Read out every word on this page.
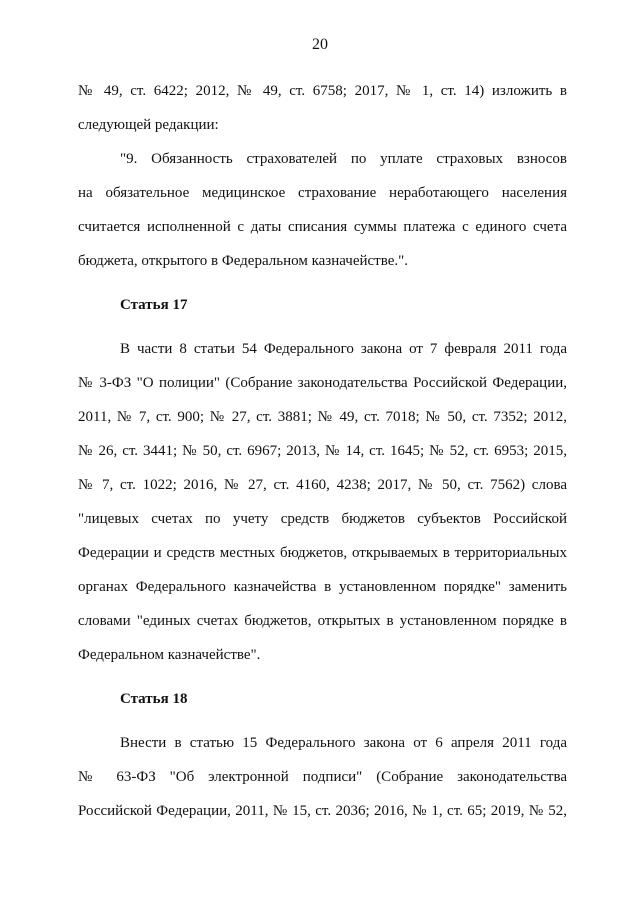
20

№ 49, ст. 6422; 2012, № 49, ст. 6758; 2017, № 1, ст. 14) изложить в

следующей редакции:

"9. Обязанность страхователей по уплате страховых взносов

на обязательное медицинское страхование неработающего населения

считается исполненной с даты списания суммы платежа с единого счета

бюджета, открытого в Федеральном казначействе.".

Статья 17

В части 8 статьи 54 Федерального закона от 7 февраля 2011 года

№ 3-ФЗ "О полиции" (Собрание законодательства Российской Федерации,

2011, № 7, ст. 900; № 27, ст. 3881; № 49, ст. 7018; № 50, ст. 7352; 2012,

№ 26, ст. 3441; № 50, ст. 6967; 2013, № 14, ст. 1645; № 52, ст. 6953; 2015,

№ 7, ст. 1022; 2016, № 27, ст. 4160, 4238; 2017, № 50, ст. 7562) слова

"лицевых счетах по учету средств бюджетов субъектов Российской

Федерации и средств местных бюджетов, открываемых в территориальных

органах Федерального казначейства в установленном порядке" заменить

словами "единых счетах бюджетов, открытых в установленном порядке в

Федеральном казначействе".

Статья 18

Внести в статью 15 Федерального закона от 6 апреля 2011 года

№ 63-ФЗ "Об электронной подписи" (Собрание законодательства

Российской Федерации, 2011, № 15, ст. 2036; 2016, № 1, ст. 65; 2019, № 52,
